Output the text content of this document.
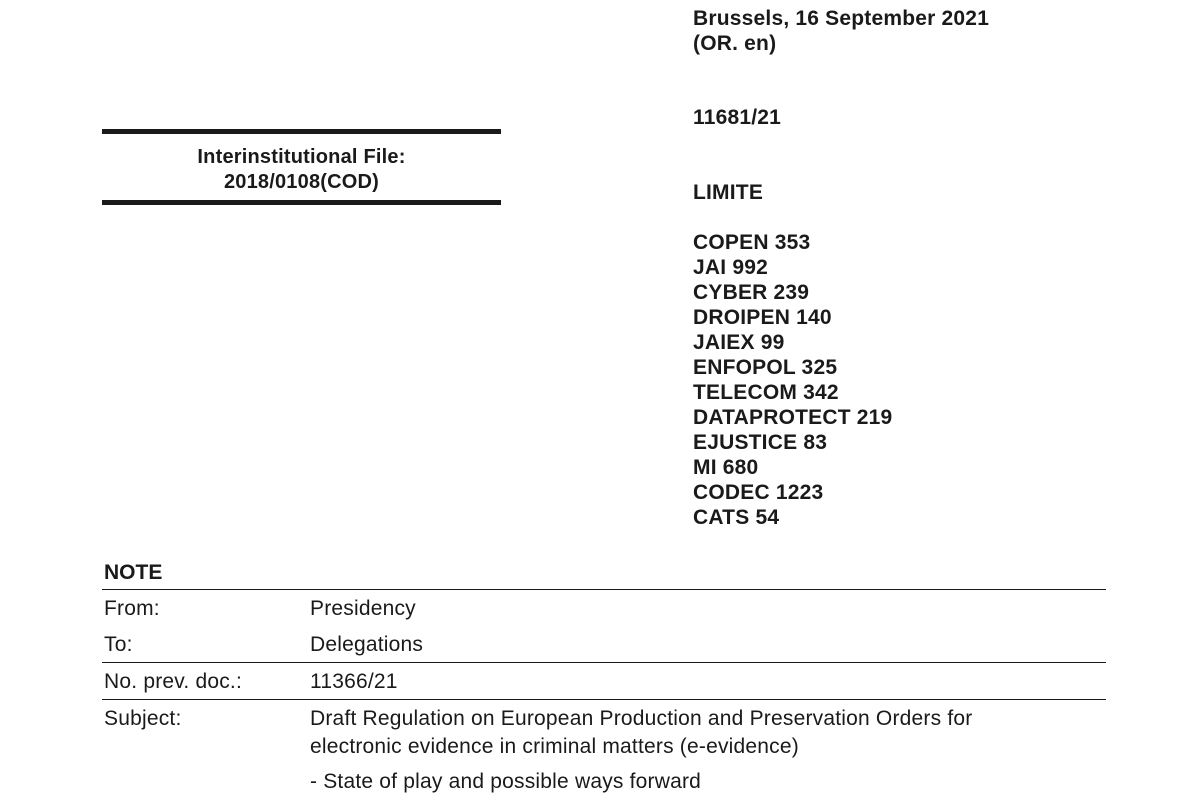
Brussels, 16 September 2021
(OR. en)
11681/21
LIMITE
COPEN 353
JAI 992
CYBER 239
DROIPEN 140
JAIEX 99
ENFOPOL 325
TELECOM 342
DATAPROTECT 219
EJUSTICE 83
MI 680
CODEC 1223
CATS 54
Interinstitutional File:
2018/0108(COD)
NOTE
From:	Presidency
To:	Delegations
No. prev. doc.:	11366/21
Subject:	Draft Regulation on European Production and Preservation Orders for
electronic evidence in criminal matters (e-evidence)
- State of play and possible ways forward
